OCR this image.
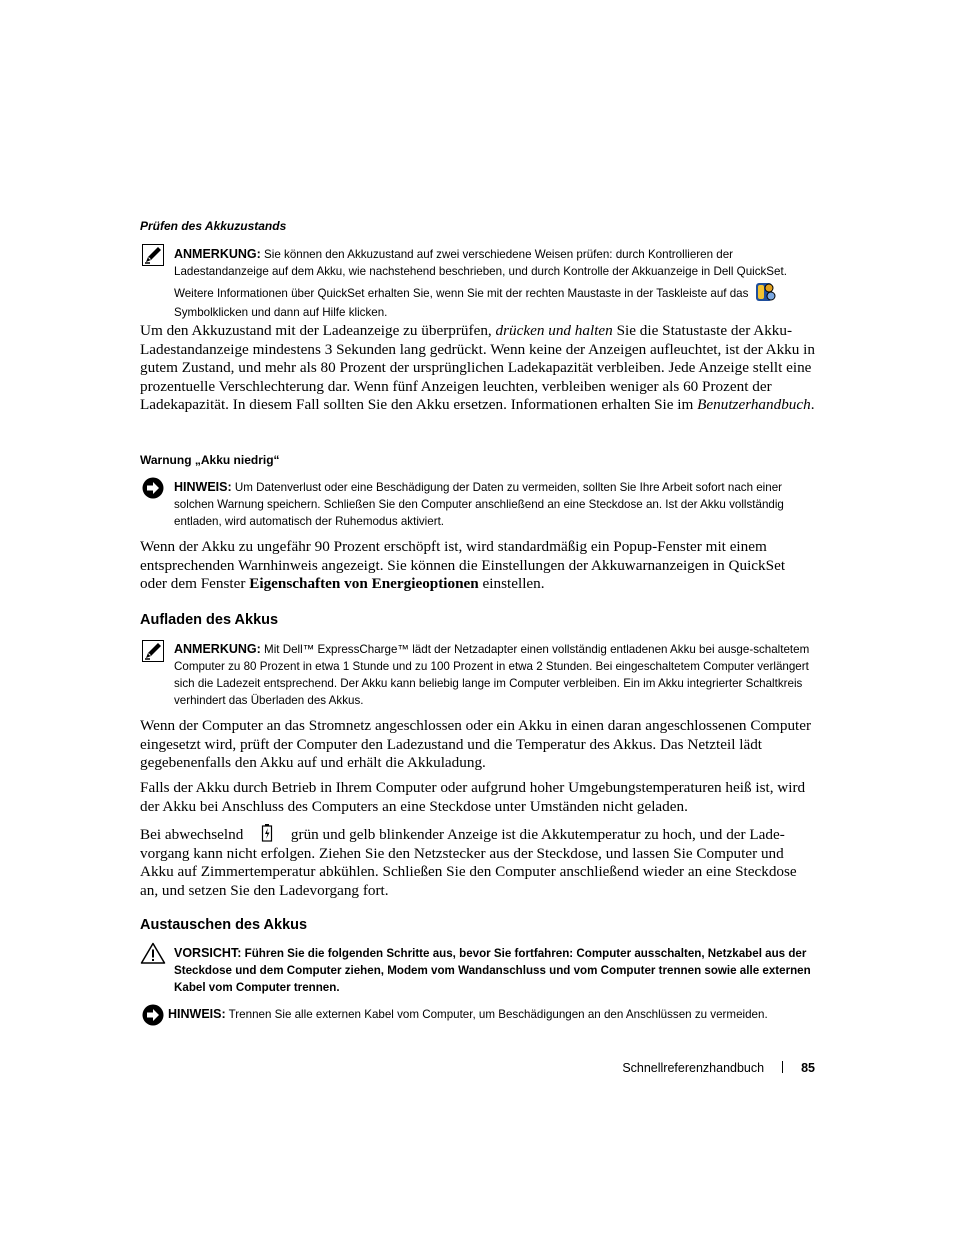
Prüfen des Akkuzustands
ANMERKUNG: Sie können den Akkuzustand auf zwei verschiedene Weisen prüfen: durch Kontrollieren der Ladestandanzeige auf dem Akku, wie nachstehend beschrieben, und durch Kontrolle der Akkuanzeige in Dell QuickSet. Weitere Informationen über QuickSet erhalten Sie, wenn Sie mit der rechten Maustaste in der Taskleiste auf das Symbolklicken und dann auf Hilfe klicken.
Um den Akkuzustand mit der Ladeanzeige zu überprüfen, drücken und halten Sie die Statustaste der Akku-Ladestandanzeige mindestens 3 Sekunden lang gedrückt. Wenn keine der Anzeigen aufleuchtet, ist der Akku in gutem Zustand, und mehr als 80 Prozent der ursprünglichen Ladekapazität verbleiben. Jede Anzeige stellt eine prozentuelle Verschlechterung dar. Wenn fünf Anzeigen leuchten, verbleiben weniger als 60 Prozent der Ladekapazität. In diesem Fall sollten Sie den Akku ersetzen. Informationen erhalten Sie im Benutzerhandbuch.
Warnung „Akku niedrig“
HINWEIS: Um Datenverlust oder eine Beschädigung der Daten zu vermeiden, sollten Sie Ihre Arbeit sofort nach einer solchen Warnung speichern. Schließen Sie den Computer anschließend an eine Steckdose an. Ist der Akku vollständig entladen, wird automatisch der Ruhemodus aktiviert.
Wenn der Akku zu ungefähr 90 Prozent erschöpft ist, wird standardmäßig ein Popup-Fenster mit einem entsprechenden Warnhinweis angezeigt. Sie können die Einstellungen der Akkuwarnanzeigen in QuickSet oder dem Fenster Eigenschaften von Energieoptionen einstellen.
Aufladen des Akkus
ANMERKUNG: Mit Dell™ ExpressCharge™ lädt der Netzadapter einen vollständig entladenen Akku bei ausge-schaltetem Computer zu 80 Prozent in etwa 1 Stunde und zu 100 Prozent in etwa 2 Stunden. Bei eingeschaltetem Computer verlängert sich die Ladezeit entsprechend. Der Akku kann beliebig lange im Computer verbleiben. Ein im Akku integrierter Schaltkreis verhindert das Überladen des Akkus.
Wenn der Computer an das Stromnetz angeschlossen oder ein Akku in einen daran angeschlossenen Computer eingesetzt wird, prüft der Computer den Ladezustand und die Temperatur des Akkus. Das Netzteil lädt gegebenenfalls den Akku auf und erhält die Akkuladung.
Falls der Akku durch Betrieb in Ihrem Computer oder aufgrund hoher Umgebungstemperaturen heiß ist, wird der Akku bei Anschluss des Computers an eine Steckdose unter Umständen nicht geladen.
Bei abwechselnd	grün und gelb blinkender Anzeige ist die Akkutemperatur zu hoch, und der Lade-vorgang kann nicht erfolgen. Ziehen Sie den Netzstecker aus der Steckdose, und lassen Sie Computer und Akku auf Zimmertemperatur abkühlen. Schließen Sie den Computer anschließend wieder an eine Steckdose an, und setzen Sie den Ladevorgang fort.
Austauschen des Akkus
VORSICHT: Führen Sie die folgenden Schritte aus, bevor Sie fortfahren: Computer ausschalten, Netzkabel aus der Steckdose und dem Computer ziehen, Modem vom Wandanschluss und vom Computer trennen sowie alle externen Kabel vom Computer trennen.
HINWEIS: Trennen Sie alle externen Kabel vom Computer, um Beschädigungen an den Anschlüssen zu vermeiden.
Schnellreferenzhandbuch	85
